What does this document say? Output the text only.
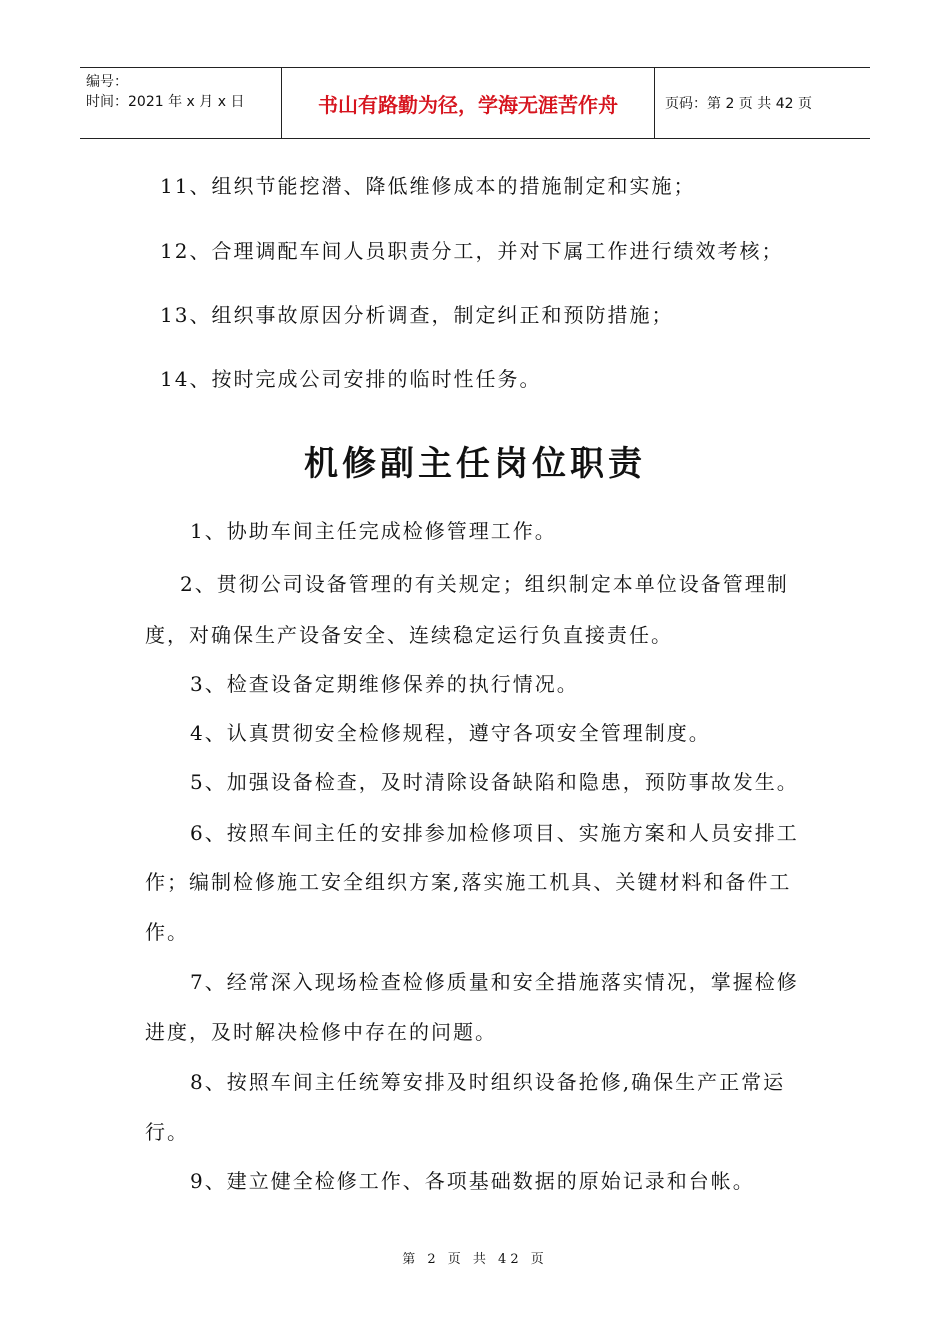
编号：
时间：2021 年 x 月 x 日	书山有路勤为径，学海无涯苦作舟	页码：第 2 页 共 42 页
11、组织节能挖潜、降低维修成本的措施制定和实施；
12、合理调配车间人员职责分工，并对下属工作进行绩效考核；
13、组织事故原因分析调查，制定纠正和预防措施；
14、按时完成公司安排的临时性任务。
机修副主任岗位职责
1、协助车间主任完成检修管理工作。
2、贯彻公司设备管理的有关规定；组织制定本单位设备管理制
度，对确保生产设备安全、连续稳定运行负直接责任。
3、检查设备定期维修保养的执行情况。
4、认真贯彻安全检修规程，遵守各项安全管理制度。
5、加强设备检查，及时清除设备缺陷和隐患，预防事故发生。
6、按照车间主任的安排参加检修项目、实施方案和人员安排工
作；编制检修施工安全组织方案,落实施工机具、关键材料和备件工
作。
7、经常深入现场检查检修质量和安全措施落实情况，掌握检修
进度，及时解决检修中存在的问题。
8、按照车间主任统筹安排及时组织设备抢修,确保生产正常运
行。
9、建立健全检修工作、各项基础数据的原始记录和台帐。
第 2 页 共 42 页
